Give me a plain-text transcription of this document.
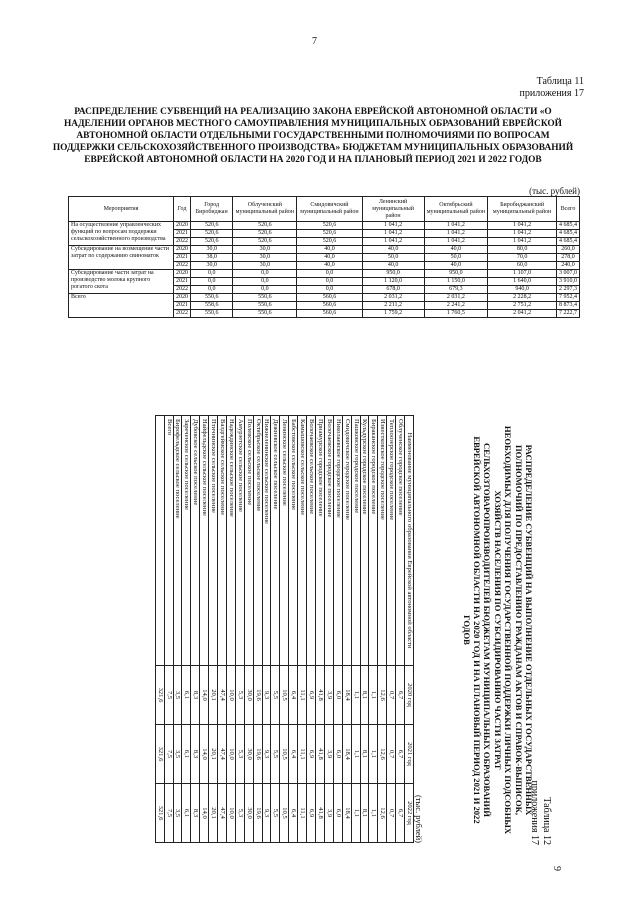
7
Таблица 11
приложения 17
РАСПРЕДЕЛЕНИЕ СУБВЕНЦИЙ НА РЕАЛИЗАЦИЮ ЗАКОНА ЕВРЕЙСКОЙ АВТОНОМНОЙ ОБЛАСТИ «О НАДЕЛЕНИИ ОРГАНОВ МЕСТНОГО САМОУПРАВЛЕНИЯ МУНИЦИПАЛЬНЫХ ОБРАЗОВАНИЙ ЕВРЕЙСКОЙ АВТОНОМНОЙ ОБЛАСТИ ОТДЕЛЬНЫМИ ГОСУДАРСТВЕННЫМИ ПОЛНОМОЧИЯМИ ПО ВОПРОСАМ ПОДДЕРЖКИ СЕЛЬСКОХОЗЯЙСТВЕННОГО ПРОИЗВОДСТВА» БЮДЖЕТАМ МУНИЦИПАЛЬНЫХ ОБРАЗОВАНИЙ ЕВРЕЙСКОЙ АВТОНОМНОЙ ОБЛАСТИ НА 2020 ГОД И НА ПЛАНОВЫЙ ПЕРИОД 2021 И 2022 ГОДОВ
(тыс. рублей)
Мероприятия	Год	Город Биробиджан	Облученский муниципальный район	Смидовичский муниципальный район	Ленинский муниципальный район	Октябрьский муниципальный район	Биробиджанский муниципальный район	Всего
На осуществление управленческих функций по вопросам поддержки сельскохозяйственного производства	2020	520,6	520,6	520,6	1 041,2	1 041,2	1 041,2	4 685,4
	2021	520,6	520,6	520,6	1 041,2	1 041,2	1 041,2	4 685,4
	2022	520,6	520,6	520,6	1 041,2	1 041,2	1 041,2	4 685,4
Субсидирование на возмещение части затрат по содержанию свиноматок	2020	30,0	30,0	40,0	40,0	40,0	80,0	260,0
	2021	38,0	30,0	40,0	50,0	50,0	70,0	278,0
	2022	30,0	30,0	40,0	40,0	40,0	60,0	240,0
Субсидирование части затрат на производство молока крупного рогатого скота	2020	0,0	0,0	0,0	950,0	950,0	1 107,0	3 007,0
	2021	0,0	0,0	0,0	1 120,0	1 150,0	1 640,0	3 910,0
	2022	0,0	0,0	0,0	678,0	679,3	940,0	2 297,3
Всего	2020	550,6	550,6	560,6	2 031,2	2 031,2	2 228,2	7 952,4
	2021	558,6	550,6	560,6	2 211,2	2 241,2	2 751,2	8 873,4
	2022	550,6	550,6	560,6	1 759,2	1 760,5	2 041,2	7 222,7
9
Таблица 12
приложения 17
РАСПРЕДЕЛЕНИЕ СУБВЕНЦИЙ НА ВЫПОЛНЕНИЕ ОТДЕЛЬНЫХ ГОСУДАРСТВЕННЫХ ПОЛНОМОЧИЙ ПО ПРЕДОСТАВЛЕНИЮ ГРАЖДАНАМ АКТОВ И СПРАВОК-ВЫПИСОК, НЕОБХОДИМЫХ ДЛЯ ПОЛУЧЕНИЯ ГОСУДАРСТВЕННОЙ ПОДДЕРЖКИ ЛИЧНЫХ ПОДСОБНЫХ ХОЗЯЙСТВ НАСЕЛЕНИЯ ПО СУБСИДИРОВАНИЮ ЧАСТИ ЗАТРАТ СЕЛЬХОЗТОВАРОПРОИЗВОДИТЕЛЕЙ БЮДЖЕТАМ МУНИЦИПАЛЬНЫХ ОБРАЗОВАНИЙ ЕВРЕЙСКОЙ АВТОНОМНОЙ ОБЛАСТИ НА 2020 ГОД И НА ПЛАНОВЫЙ ПЕРИОД 2021 И 2022 ГОДОВ
(тыс. рублей)
Наименование муниципального образования Еврейской автономной области	2020 год	2021 год	2022 год
Облученское городское поселение	6,7	6,7	6,7
Теплоозерское городское поселение	0,7	0,7	0,7
Известковское городское поселение	12,6	12,6	12,6
Бираканское городское поселение	1,1	1,1	1,1
Кульдурское городское поселение	8,1	8,1	8,1
Пашковское городское поселение	1,1	1,1	1,1
Смидовичское городское поселение	18,4	18,4	18,4
Николаевское городское поселение	6,0	6,0	6,0
Волочаевское городское поселение	3,9	3,9	3,9
Приамурское городское поселение	41,8	41,8	41,8
Волочаевское сельское поселение	6,9	6,9	6,9
Камышовское сельское поселение	11,1	11,1	11,1
Бабстовское сельское поселение	6,4	6,4	6,4
Ленинское сельское поселение	10,5	10,5	10,5
Дежневское сельское поселение	5,5	5,5	5,5
Нижнеленинское сельское поселение	9,3	9,3	9,3
Октябрьское сельское поселение	19,6	19,6	19,6
Полевское сельское поселение	30,0	30,0	30,0
Амурзетское сельское поселение	5,3	5,3	5,3
Надеждинское сельское поселение	10,0	10,0	10,0
Валдгеймское сельское поселение	47,4	47,4	47,4
Птичнинское сельское поселение	20,1	20,1	20,1
Найфельдское сельское поселение	14,0	14,0	14,0
Дубовское сельское поселение	8,3	8,3	8,3
Зареченское сельское поселение	6,1	6,1	6,1
Бирофельдское сельское поселение	3,5	3,5	3,5
Всего	7,5	7,5	7,5
	321,6	321,6	321,6
